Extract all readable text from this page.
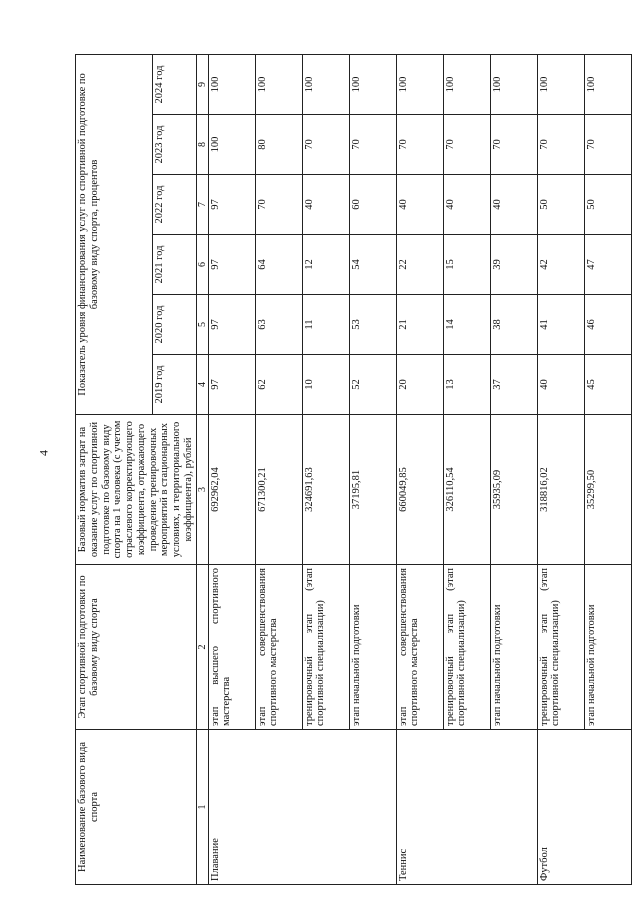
4
Наименование базового вида спорта	Этап спортивной подготовки по базовому виду спорта	Базовый норматив затрат на оказание услуг по спортивной подготовке по базовому виду спорта на 1 человека (с учетом отраслевого корректирующего коэффициента, отражающего проведение тренировочных мероприятий в стационарных условиях, и территориального коэффициента), рублей	Показатель уровня финансирования услуг по спортивной подготовке по базовому виду спорта, процентов					
			2019 год	2020 год	2021 год	2022 год	2023 год	2024 год
1	2	3	4	5	6	7	8	9
Плавание	этап высшего спортивного мастерства	692962,04	97	97	97	97	100	100
	этап совершенствования спортивного мастерства	671300,21	62	63	64	70	80	100
	тренировочный этап (этап спортивной специализации)	324691,63	10	11	12	40	70	100
	этап начальной подготовки	37195,81	52	53	54	60	70	100
Теннис	этап совершенствования спортивного мастерства	660049,85	20	21	22	40	70	100
	тренировочный этап (этап спортивной специализации)	326110,54	13	14	15	40	70	100
	этап начальной подготовки	35935,09	37	38	39	40	70	100
Футбол	тренировочный этап (этап спортивной специализации)	318816,02	40	41	42	50	70	100
	этап начальной подготовки	35299,50	45	46	47	50	70	100
